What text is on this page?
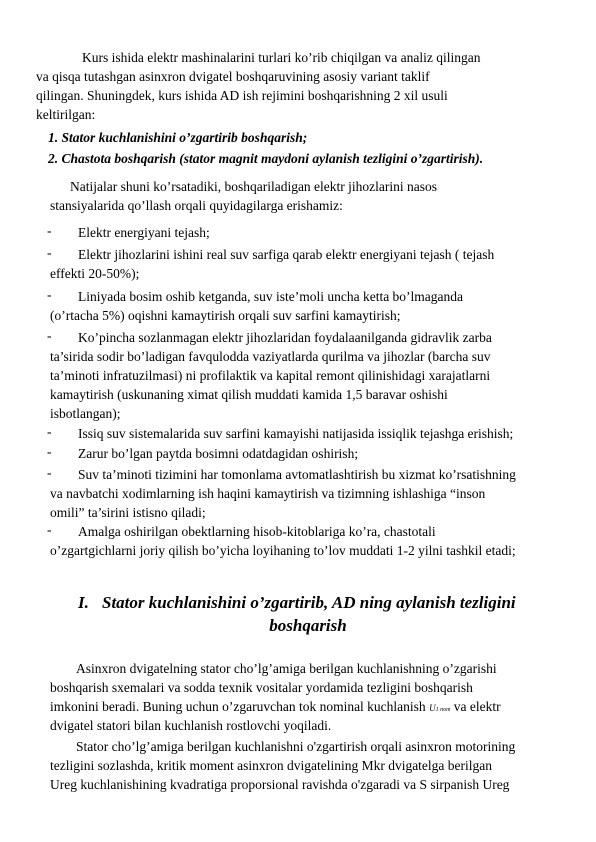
Kurs ishida elektr mashinalarini turlari ko’rib chiqilgan va analiz qilingan
va qisqa tutashgan asinxron dvigatel boshqaruvining asosiy variant taklif
qilingan. Shuningdek, kurs ishida AD ish rejimini boshqarishning 2 xil usuli
keltirilgan:
1. Stator kuchlanishini o’zgartirib boshqarish;
2. Chastota boshqarish (stator magnit maydoni aylanish tezligini o’zgartirish).
Natijalar shuni ko’rsatadiki, boshqariladigan elektr jihozlarini nasos
stansiyalarida qo’llash orqali quyidagilarga erishamiz:
- Elektr energiyani tejash;
- Elektr jihozlarini ishini real suv sarfiga qarab elektr energiyani tejash ( tejash
effekti 20-50%);
- Liniyada bosim oshib ketganda, suv iste’moli uncha ketta bo’lmaganda
(o’rtacha 5%) oqishni kamaytirish orqali suv sarfini kamaytirish;
- Ko’pincha sozlanmagan elektr jihozlaridan foydalaanilganda gidravlik zarba
ta’sirida sodir bo’ladigan favqulodda vaziyatlarda qurilma va jihozlar (barcha suv
ta’minoti infratuzilmasi) ni profilaktik va kapital remont qilinishidagi xarajatlarni
kamaytirish (uskunaning ximat qilish muddati kamida 1,5 baravar oshishi
isbotlangan);
- Issiq suv sistemalarida suv sarfini kamayishi natijasida issiqlik tejashga erishish;
- Zarur bo’lgan paytda bosimni odatdagidan oshirish;
- Suv ta’minoti tizimini har tomonlama avtomatlashtirish bu xizmat ko’rsatishning
va navbatchi xodimlarning ish haqini kamaytirish va tizimning ishlashiga “inson
omili” ta’sirini istisno qiladi;
- Amalga oshirilgan obektlarning hisob-kitoblariga ko’ra, chastotali
o’zgartgichlarni joriy qilish bo’yicha loyihaning to’lov muddati 1-2 yilni tashkil etadi;
I. Stator kuchlanishini o’zgartirib, AD ning aylanish tezligini
boshqarish
Asinxron dvigatelning stator cho’lg’amiga berilgan kuchlanishning o’zgarishi
boshqarish sxemalari va sodda texnik vositalar yordamida tezligini boshqarish
imkonini beradi. Buning uchun o’zgaruvchan tok nominal kuchlanish U1 nom va elektr
dvigatel statori bilan kuchlanish rostlovchi yoqiladi.
Stator cho’lg’amiga berilgan kuchlanishni o'zgartirish orqali asinxron motorining
tezligini sozlashda, kritik moment asinxron dvigatelining Mkr dvigatelga berilgan
Ureg kuchlanishining kvadratiga proporsional ravishda o'zgaradi va S sirpanish Ureg
